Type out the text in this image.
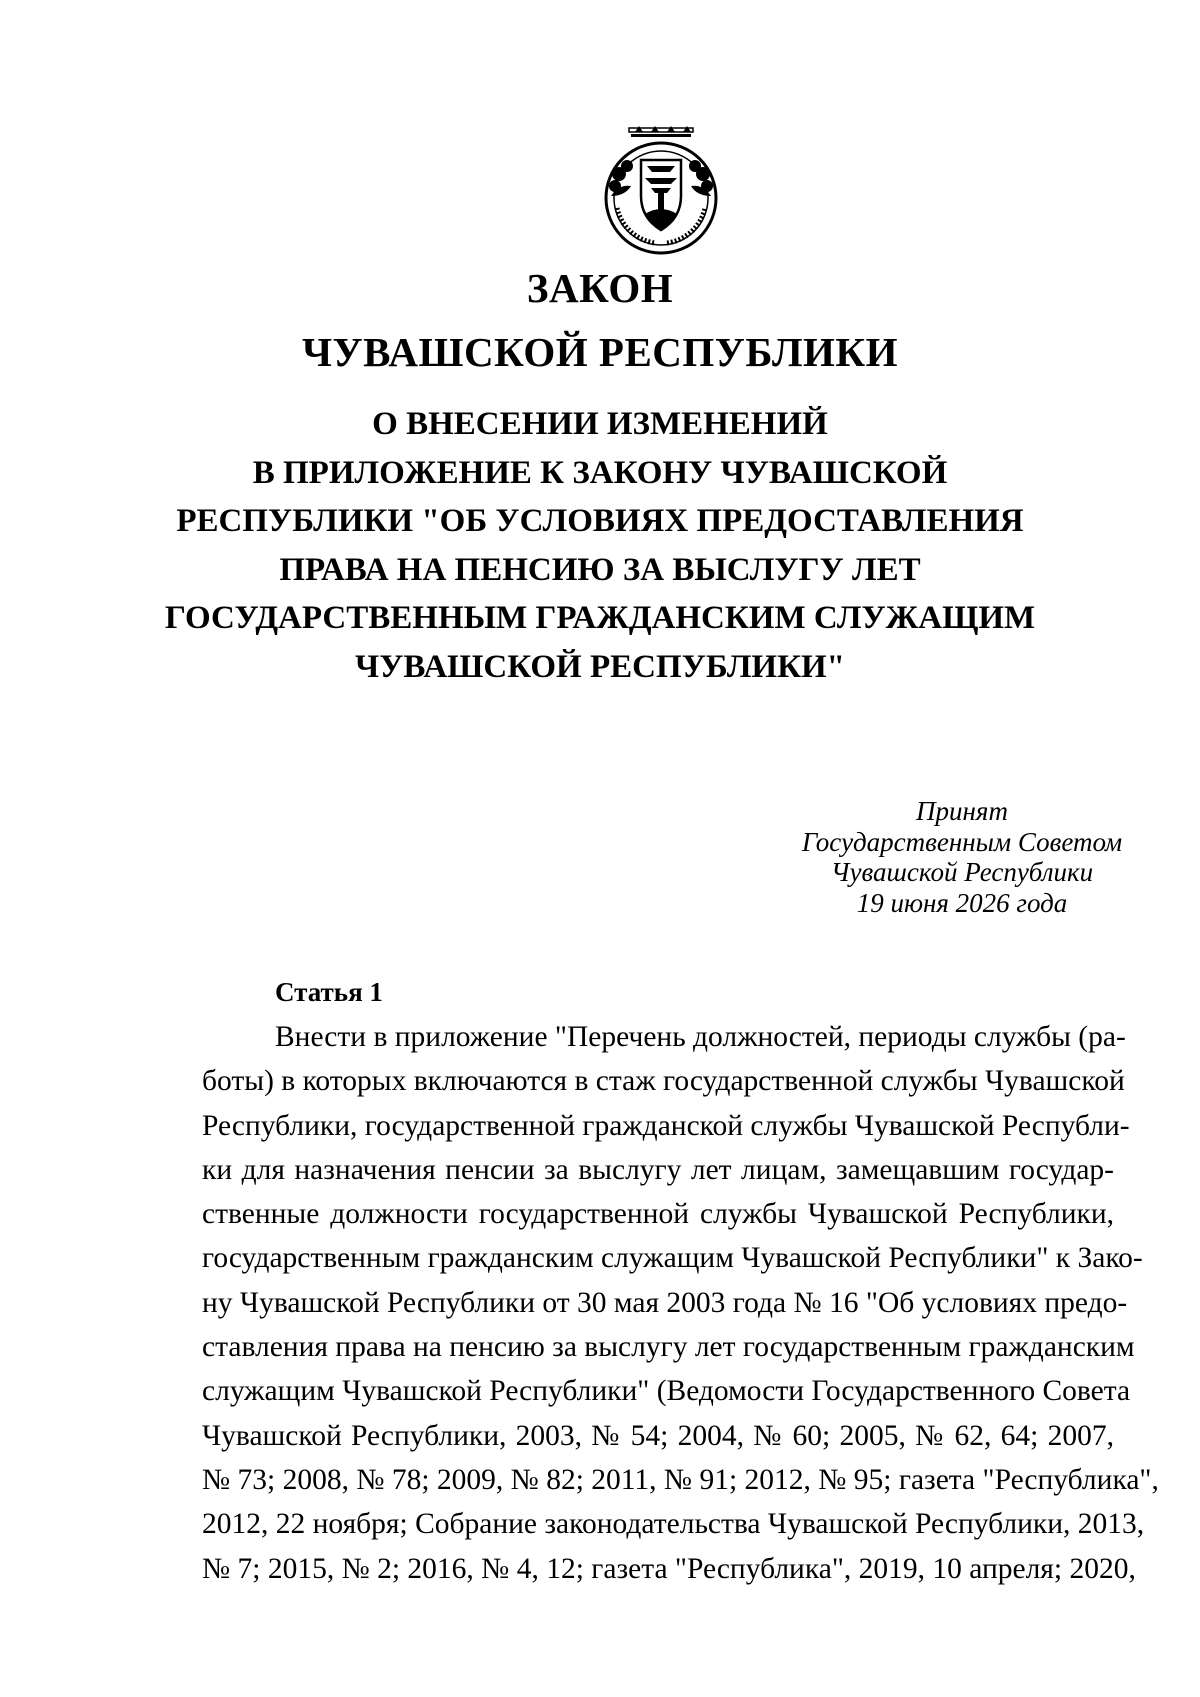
ЗАКОН
ЧУВАШСКОЙ РЕСПУБЛИКИ
О ВНЕСЕНИИ ИЗМЕНЕНИЙ
В ПРИЛОЖЕНИЕ К ЗАКОНУ ЧУВАШСКОЙ
РЕСПУБЛИКИ "ОБ УСЛОВИЯХ ПРЕДОСТАВЛЕНИЯ
ПРАВА НА ПЕНСИЮ ЗА ВЫСЛУГУ ЛЕТ
ГОСУДАРСТВЕННЫМ ГРАЖДАНСКИМ СЛУЖАЩИМ
ЧУВАШСКОЙ РЕСПУБЛИКИ"
Принят
Государственным Советом
Чувашской Республики
19 июня 2026 года
Статья 1
Внести в приложение "Перечень должностей, периоды службы (ра-
боты) в которых включаются в стаж государственной службы Чувашской
Республики, государственной гражданской службы Чувашской Республи-
ки для назначения пенсии за выслугу лет лицам, замещавшим государ-
ственные должности государственной службы Чувашской Республики,
государственным гражданским служащим Чувашской Республики" к Зако-
ну Чувашской Республики от 30 мая 2003 года № 16 "Об условиях предо-
ставления права на пенсию за выслугу лет государственным гражданским
служащим Чувашской Республики" (Ведомости Государственного Совета
Чувашской Республики, 2003, № 54; 2004, № 60; 2005, № 62, 64; 2007,
№ 73; 2008, № 78; 2009, № 82; 2011, № 91; 2012, № 95; газета "Республика",
2012, 22 ноября; Собрание законодательства Чувашской Республики, 2013,
№ 7; 2015, № 2; 2016, № 4, 12; газета "Республика", 2019, 10 апреля; 2020,
